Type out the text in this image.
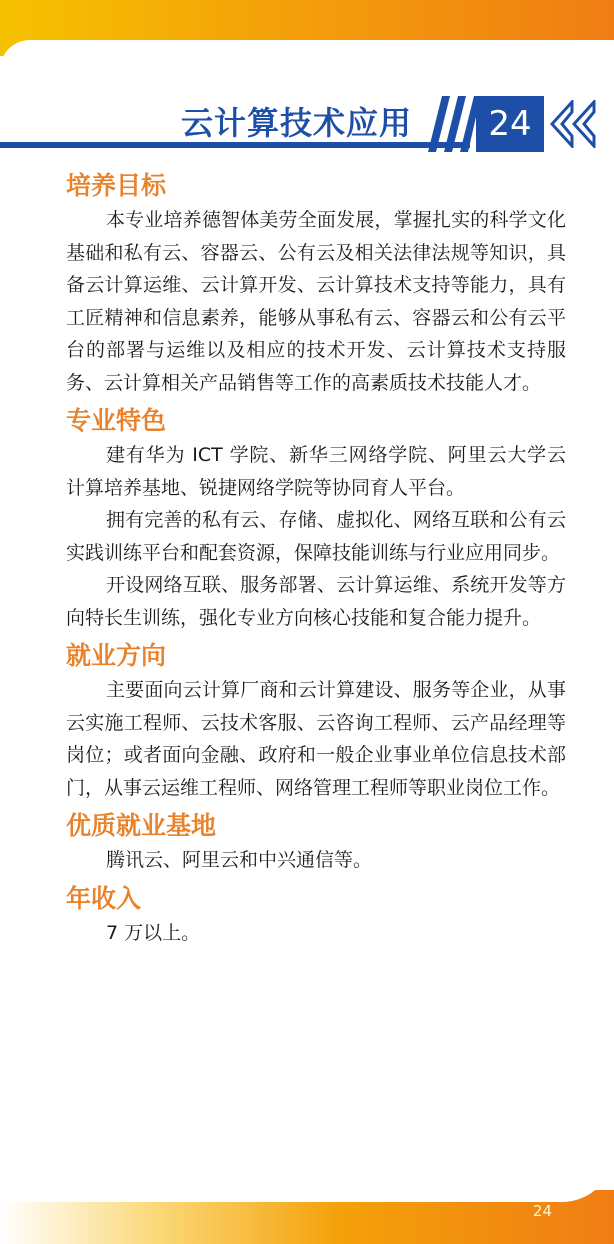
云计算技术应用 24
培养目标

本专业培养德智体美劳全面发展，掌握扎实的科学文化基础和私有云、容器云、公有云及相关法律法规等知识，具备云计算运维、云计算开发、云计算技术支持等能力，具有工匠精神和信息素养，能够从事私有云、容器云和公有云平台的部署与运维以及相应的技术开发、云计算技术支持服务、云计算相关产品销售等工作的高素质技术技能人才。

专业特色

建有华为 ICT 学院、新华三网络学院、阿里云大学云计算培养基地、锐捷网络学院等协同育人平台。

拥有完善的私有云、存储、虚拟化、网络互联和公有云实践训练平台和配套资源，保障技能训练与行业应用同步。

开设网络互联、服务部署、云计算运维、系统开发等方向特长生训练，强化专业方向核心技能和复合能力提升。

就业方向

主要面向云计算厂商和云计算建设、服务等企业，从事云实施工程师、云技术客服、云咨询工程师、云产品经理等岗位；或者面向金融、政府和一般企业事业单位信息技术部门，从事云运维工程师、网络管理工程师等职业岗位工作。

优质就业基地

腾讯云、阿里云和中兴通信等。

年收入

7 万以上。

24
